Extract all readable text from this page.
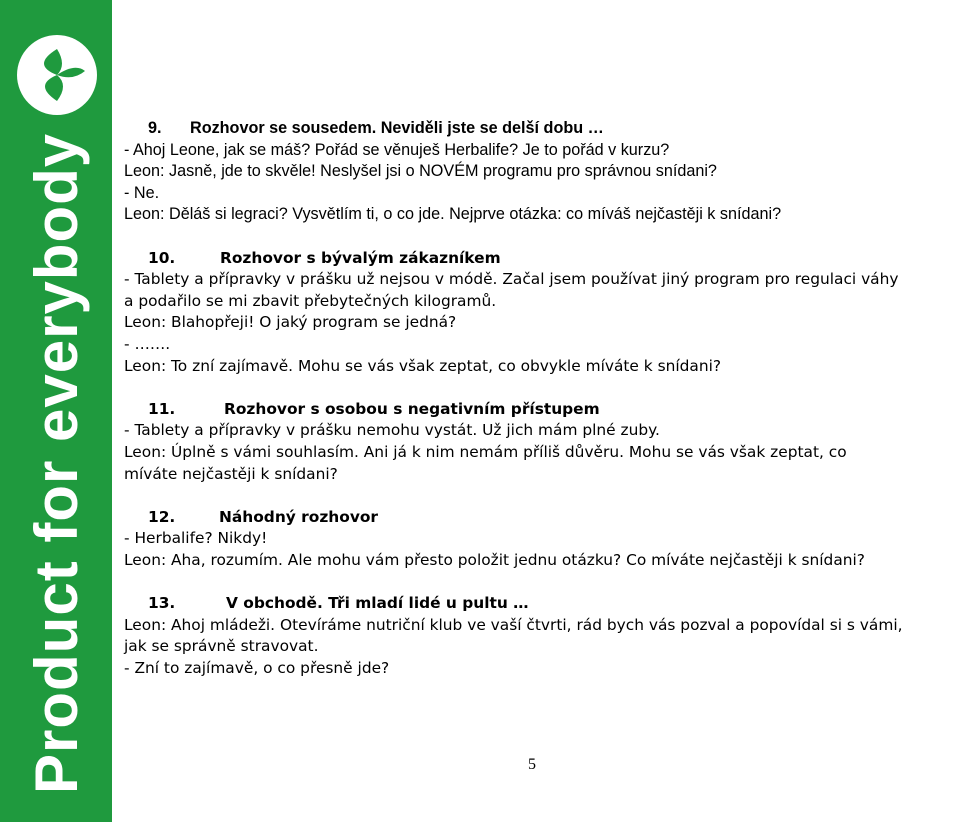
Product for everybody

9. Rozhovor se sousedem. Neviděli jste se delší dobu …

- Ahoj Leone, jak se máš? Pořád se věnuješ Herbalife? Je to pořád v kurzu?

Leon: Jasně, jde to skvěle! Neslyšel jsi o NOVÉM programu pro správnou snídani?

- Ne.

Leon: Děláš si legraci? Vysvětlím ti, o co jde. Nejprve otázka: co míváš nejčastěji k snídani?

10.	Rozhovor s bývalým zákazníkem

- Tablety a přípravky v prášku už nejsou v módě. Začal jsem používat jiný program pro regulaci váhy

a podařilo se mi zbavit přebytečných kilogramů.

Leon: Blahopřeji! O jaký program se jedná?

- …….

Leon: To zní zajímavě. Mohu se vás však zeptat, co obvykle míváte k snídani?

11.	Rozhovor s osobou s negativním přístupem

- Tablety a přípravky v prášku nemohu vystát. Už jich mám plné zuby.

Leon: Úplně s vámi souhlasím. Ani já k nim nemám příliš důvěru. Mohu se vás však zeptat, co

míváte nejčastěji k snídani?

12.	Náhodný rozhovor

- Herbalife? Nikdy!

Leon: Aha, rozumím. Ale mohu vám přesto položit jednu otázku? Co míváte nejčastěji k snídani?

13.	V obchodě. Tři mladí lidé u pultu …

Leon: Ahoj mládeži. Otevíráme nutriční klub ve vaší čtvrti, rád bych vás pozval a popovídal si s vámi,

jak se správně stravovat.

- Zní to zajímavě, o co přesně jde?

5
